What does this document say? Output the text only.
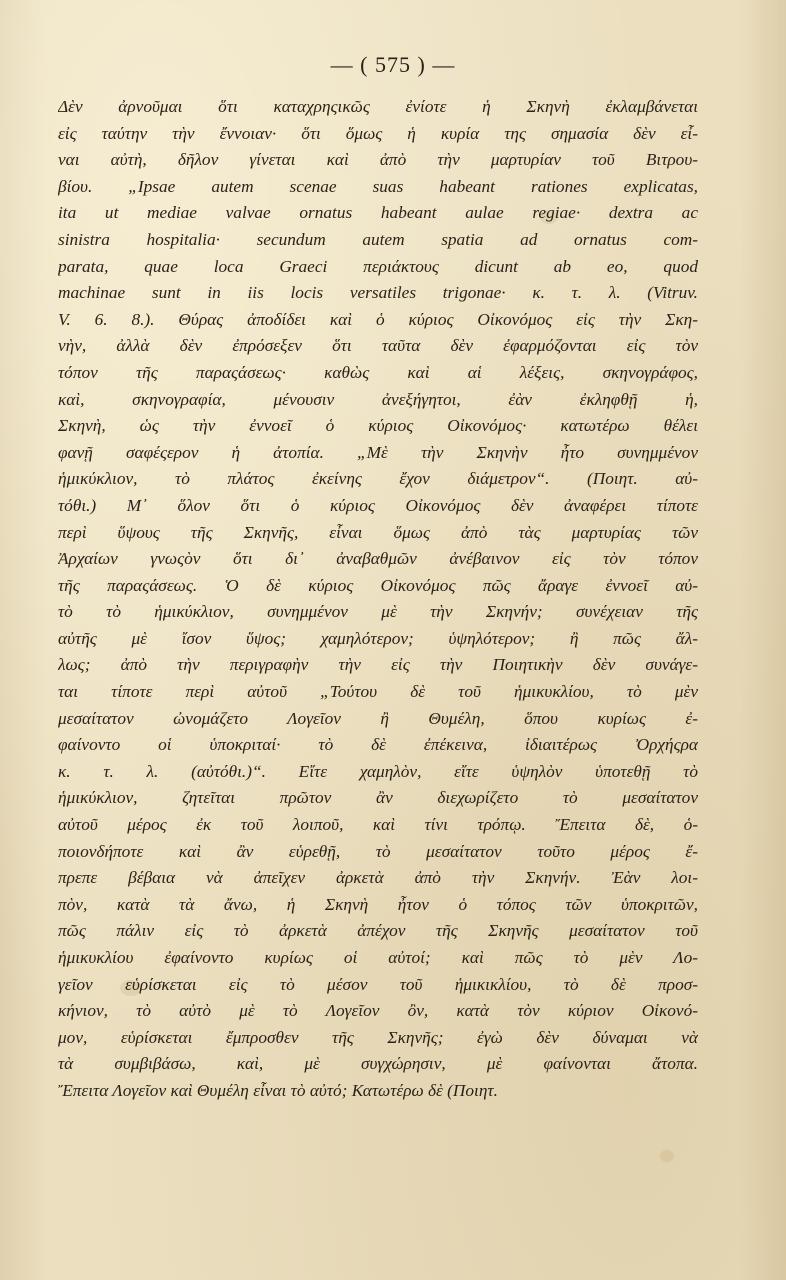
— ( 575 ) —
Δὲν ἀρνοῦμαι ὅτι καταχρηςικῶς ἐνίοτε ἡ Σκηνὴ ἐκλαμβάνεται
εἰς ταύτην τὴν ἔννοιαν· ὅτι ὅμως ἡ κυρία της σημασία δὲν εἶ-
ναι αὐτὴ, δῆλον γίνεται καὶ ἀπὸ τὴν μαρτυρίαν τοῦ Βιτρου-
βίου. „Ipsae autem scenae suas habeant rationes explicatas,
ita ut mediae valvae ornatus habeant aulae regiae· dextra ac
sinistra hospitalia· secundum autem spatia ad ornatus com-
parata, quae loca Graeci περιάκτους dicunt ab eo, quod
machinae sunt in iis locis versatiles trigonae· κ. τ. λ. (Vitruv.
V. 6. 8.). Θύρας ἀποδίδει καὶ ὁ κύριος Οἰκονόμος εἰς τὴν Σκη-
νὴν, ἀλλὰ δὲν ἐπρόσεξεν ὅτι ταῦτα δὲν ἐφαρμόζονται εἰς τὸν
τόπον τῆς παραςάσεως· καθὼς καὶ αἱ λέξεις, σκηνογράφος,
καὶ, σκηνογραφία, μένουσιν ἀνεξήγητοι, ἐὰν ἐκληφθῇ ἡ,
Σκηνὴ, ὡς τὴν ἐννοεῖ ὁ κύριος Οἰκονόμος· κατωτέρω θέλει
φανῇ σαφέςερον ἡ ἀτοπία. „Μὲ τὴν Σκηνὴν ἦτο συνημμένον
ἡμικύκλιον, τὸ πλάτος ἐκείνης ἔχον διάμετρον“. (Ποιητ. αὐ-
τόθι.) Μ᾽ ὅλον ὅτι ὁ κύριος Οἰκονόμος δὲν ἀναφέρει τίποτε
περὶ ὕψους τῆς Σκηνῆς, εἶναι ὅμως ἀπὸ τὰς μαρτυρίας τῶν
Ἀρχαίων γνωςὸν ὅτι δι᾽ ἀναβαθμῶν ἀνέβαινον εἰς τὸν τόπον
τῆς παραςάσεως. Ὁ δὲ κύριος Οἰκονόμος πῶς ἄραγε ἐννοεῖ αὐ-
τὸ τὸ ἡμικύκλιον, συνημμένον μὲ τὴν Σκηνήν; συνέχειαν τῆς
αὐτῆς μὲ ἴσον ὕψος; χαμηλότερον; ὑψηλότερον; ἢ πῶς ἄλ-
λως; ἀπὸ τὴν περιγραφὴν τὴν εἰς τὴν Ποιητικὴν δὲν συνάγε-
ται τίποτε περὶ αὐτοῦ „Τούτου δὲ τοῦ ἡμικυκλίου, τὸ μὲν
μεσαίτατον ὠνομάζετο Λογεῖον ἢ Θυμέλη, ὅπου κυρίως ἐ-
φαίνοντο οἱ ὑποκριταί· τὸ δὲ ἐπέκεινα, ἰδιαιτέρως Ὀρχήςρα
κ. τ. λ. (αὐτόθι.)“. Εἴτε χαμηλὸν, εἴτε ὑψηλὸν ὑποτεθῇ τὸ
ἡμικύκλιον, ζητεῖται πρῶτον ἂν διεχωρίζετο τὸ μεσαίτατον
αὐτοῦ μέρος ἐκ τοῦ λοιποῦ, καὶ τίνι τρόπῳ. Ἔπειτα δὲ, ὁ-
ποιονδήποτε καὶ ἂν εὑρεθῇ, τὸ μεσαίτατον τοῦτο μέρος ἔ-
πρεπε βέβαια νὰ ἀπεῖχεν ἀρκετὰ ἀπὸ τὴν Σκηνήν. Ἐὰν λοι-
πὸν, κατὰ τὰ ἄνω, ἡ Σκηνὴ ἦτον ὁ τόπος τῶν ὑποκριτῶν,
πῶς πάλιν εἰς τὸ ἀρκετὰ ἀπέχον τῆς Σκηνῆς μεσαίτατον τοῦ
ἡμικυκλίου ἐφαίνοντο κυρίως οἱ αὐτοί; καὶ πῶς τὸ μὲν Λο-
γεῖον εὑρίσκεται εἰς τὸ μέσον τοῦ ἡμικικλίου, τὸ δὲ προσ-
κήνιον, τὸ αὐτὸ μὲ τὸ Λογεῖον ὂν, κατὰ τὸν κύριον Οἰκονό-
μον, εὑρίσκεται ἔμπροσθεν τῆς Σκηνῆς; ἐγὼ δὲν δύναμαι νὰ
τὰ συμβιβάσω, καὶ, μὲ συγχώρησιν, μὲ φαίνονται ἄτοπα.
Ἔπειτα Λογεῖον καὶ Θυμέλη εἶναι τὸ αὐτό; Κατωτέρω δὲ (Ποιητ.
